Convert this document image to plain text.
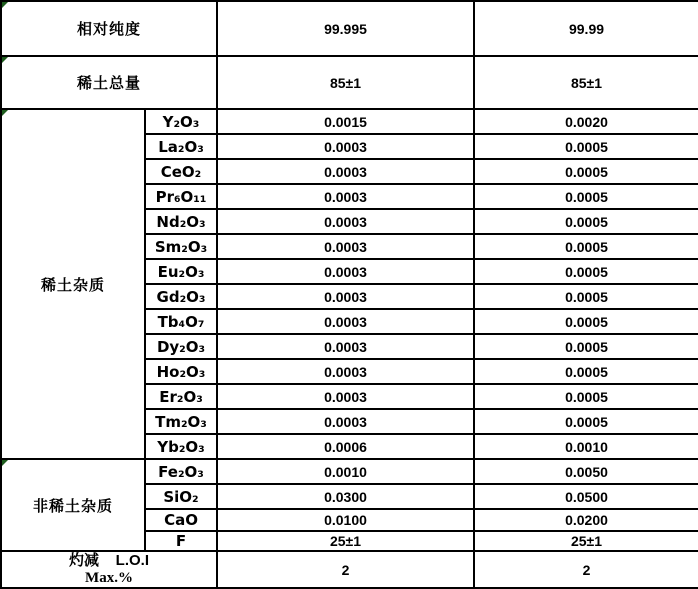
相对纯度		99.995	99.99

稀土总量		85±1	85±1

稀土杂质	Y₂O₃	0.0015	0.0020
	La₂O₃	0.0003	0.0005
	CeO₂	0.0003	0.0005
	Pr₆O₁₁	0.0003	0.0005
	Nd₂O₃	0.0003	0.0005
	Sm₂O₃	0.0003	0.0005
	Eu₂O₃	0.0003	0.0005
	Gd₂O₃	0.0003	0.0005
	Tb₄O₇	0.0003	0.0005
	Dy₂O₃	0.0003	0.0005
	Ho₂O₃	0.0003	0.0005
	Er₂O₃	0.0003	0.0005
	Tm₂O₃	0.0003	0.0005
	Yb₂O₃	0.0006	0.0010

非稀土杂质	Fe₂O₃	0.0010	0.0050
	SiO₂	0.0300	0.0500
	CaO	0.0100	0.0200
	F	25±1	25±1

灼减    L.O.I
Max.%		2	2
